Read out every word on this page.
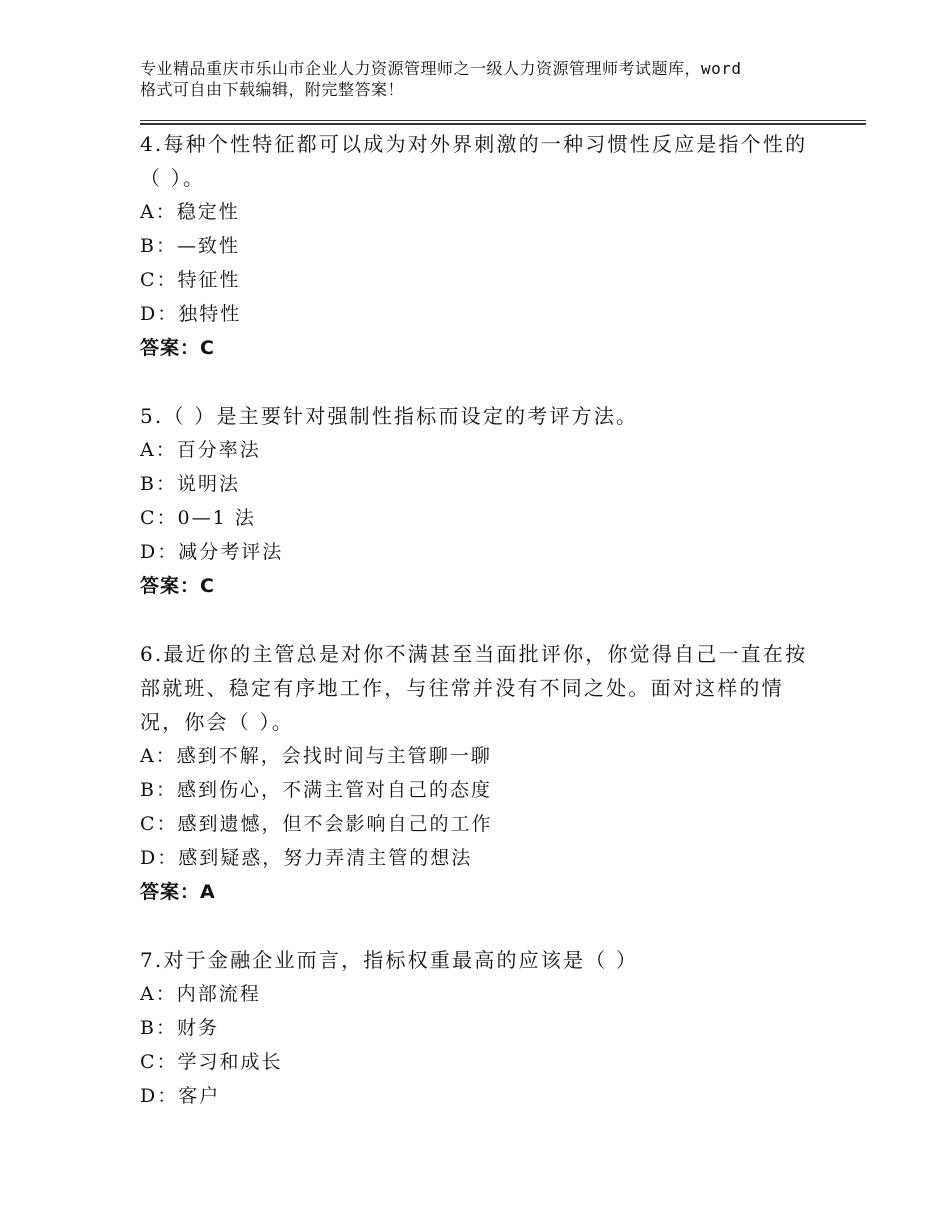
专业精品重庆市乐山市企业人力资源管理师之一级人力资源管理师考试题库，word
格式可自由下载编辑，附完整答案！

4.每种个性特征都可以成为对外界刺激的一种习惯性反应是指个性的

（ ）。

A：稳定性

B：—致性

C：特征性

D：独特性

答案：C

5.（ ）是主要针对强制性指标而设定的考评方法。

A：百分率法

B：说明法

C：0—1 法

D：减分考评法

答案：C

6.最近你的主管总是对你不满甚至当面批评你，你觉得自己一直在按

部就班、稳定有序地工作，与往常并没有不同之处。面对这样的情

况，你会（ ）。

A：感到不解，会找时间与主管聊一聊

B：感到伤心，不满主管对自己的态度

C：感到遗憾，但不会影响自己的工作

D：感到疑惑，努力弄清主管的想法

答案：A

7.对于金融企业而言，指标权重最高的应该是（ ）

A：内部流程

B：财务

C：学习和成长

D：客户
